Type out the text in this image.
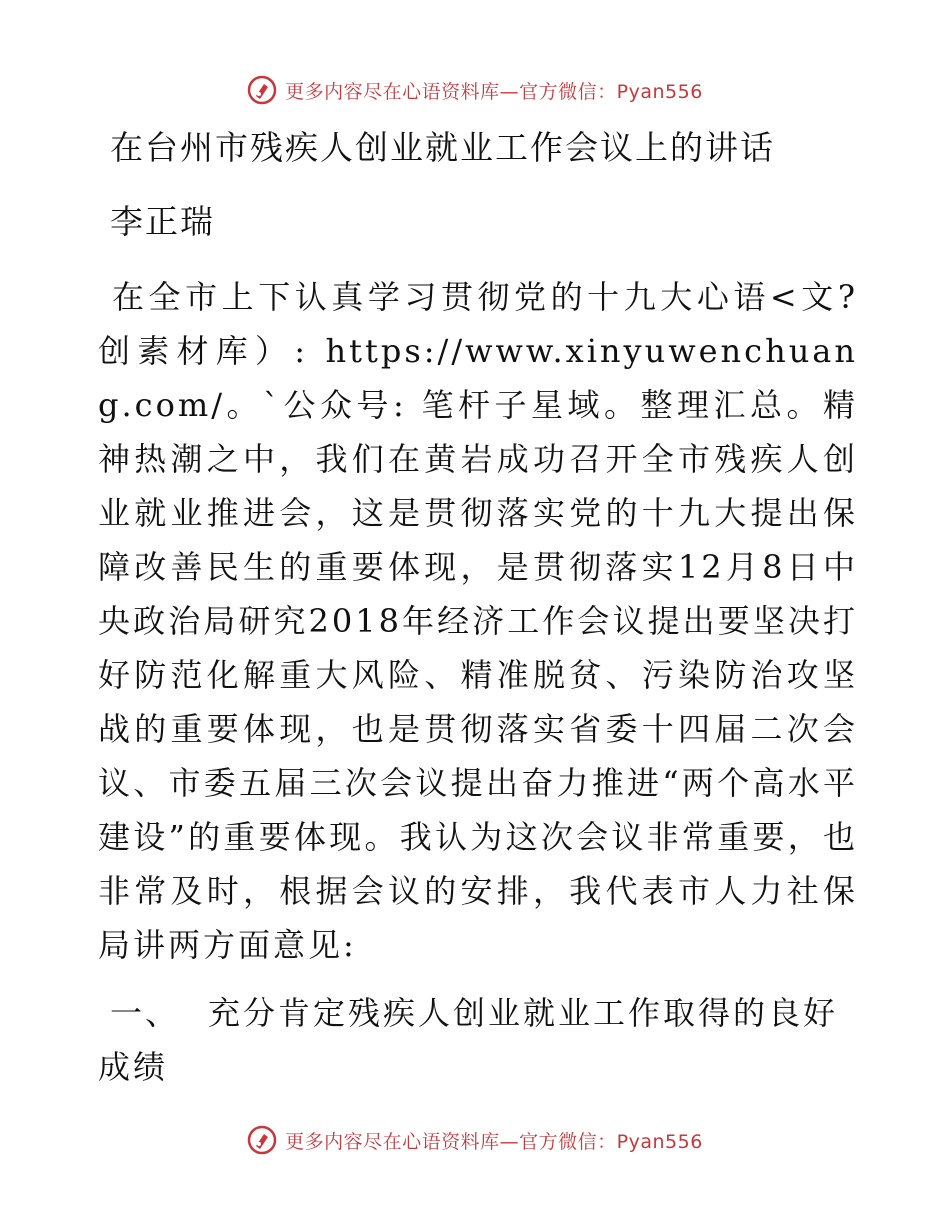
更多内容尽在心语资料库—官方微信：Pyan556
在台州市残疾人创业就业工作会议上的讲话
李正瑞
在全市上下认真学习贯彻党的十九大心语<文?创素材库）: https://www.xinyuwenchuang.com/。`公众号: 笔杆子星域。整理汇总。精神热潮之中，我们在黄岩成功召开全市残疾人创业就业推进会，这是贯彻落实党的十九大提出保障改善民生的重要体现，是贯彻落实12月8日中央政治局研究2018年经济工作会议提出要坚决打好防范化解重大风险、精准脱贫、污染防治攻坚战的重要体现，也是贯彻落实省委十四届二次会议、市委五届三次会议提出奋力推进“两个高水平建设”的重要体现。我认为这次会议非常重要，也非常及时，根据会议的安排，我代表市人力社保局讲两方面意见:
一、 充分肯定残疾人创业就业工作取得的良好成绩
更多内容尽在心语资料库—官方微信：Pyan556
